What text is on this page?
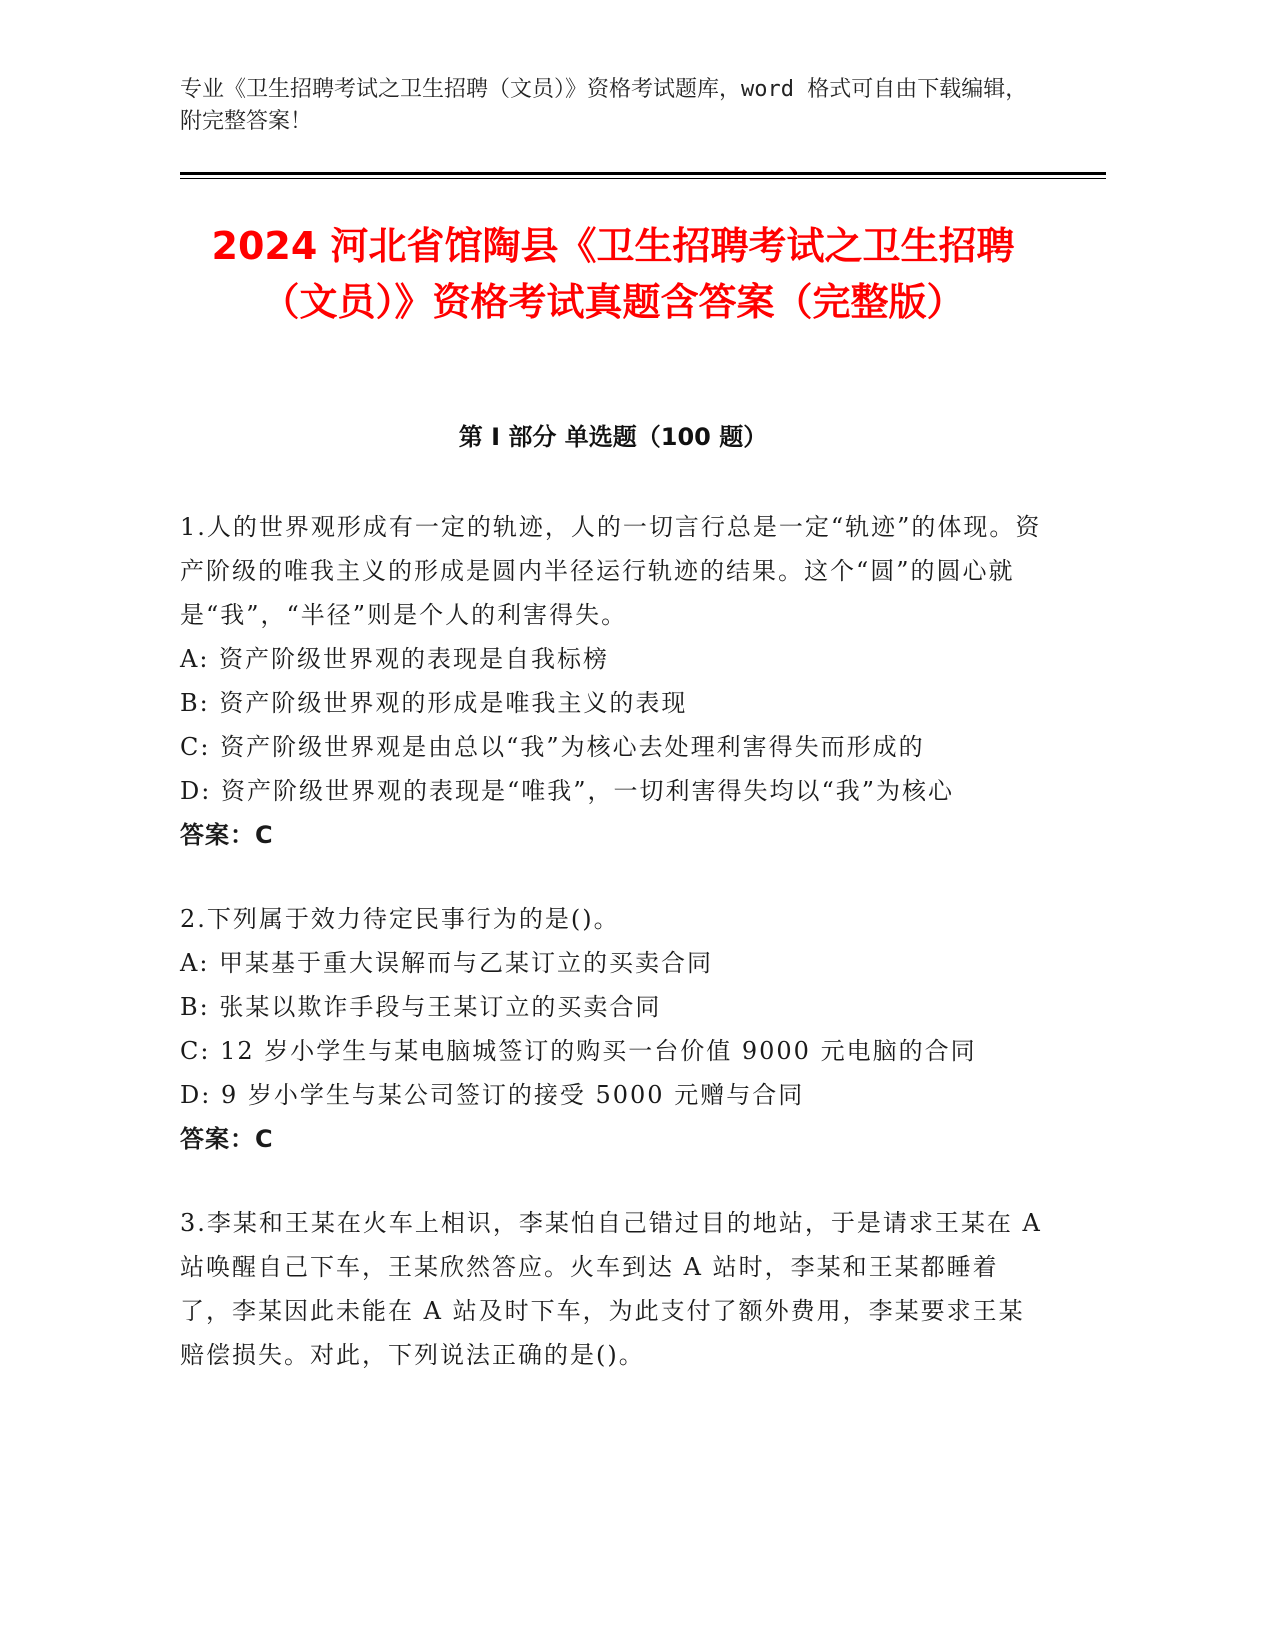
专业《卫生招聘考试之卫生招聘（文员）》资格考试题库，word 格式可自由下载编辑，附完整答案！
2024 河北省馆陶县《卫生招聘考试之卫生招聘（文员）》资格考试真题含答案（完整版）
第 I 部分 单选题（100 题）

1.人的世界观形成有一定的轨迹，人的一切言行总是一定“轨迹”的体现。资产阶级的唯我主义的形成是圆内半径运行轨迹的结果。这个“圆”的圆心就是“我”，“半径”则是个人的利害得失。

A: 资产阶级世界观的表现是自我标榜

B: 资产阶级世界观的形成是唯我主义的表现

C: 资产阶级世界观是由总以“我”为核心去处理利害得失而形成的

D: 资产阶级世界观的表现是“唯我”，一切利害得失均以“我”为核心

答案：C

2.下列属于效力待定民事行为的是()。

A: 甲某基于重大误解而与乙某订立的买卖合同

B: 张某以欺诈手段与王某订立的买卖合同

C: 12 岁小学生与某电脑城签订的购买一台价值 9000 元电脑的合同

D: 9 岁小学生与某公司签订的接受 5000 元赠与合同

答案：C

3.李某和王某在火车上相识，李某怕自己错过目的地站，于是请求王某在 A 站唤醒自己下车，王某欣然答应。火车到达 A 站时，李某和王某都睡着了，李某因此未能在 A 站及时下车，为此支付了额外费用，李某要求王某赔偿损失。对此，下列说法正确的是()。
